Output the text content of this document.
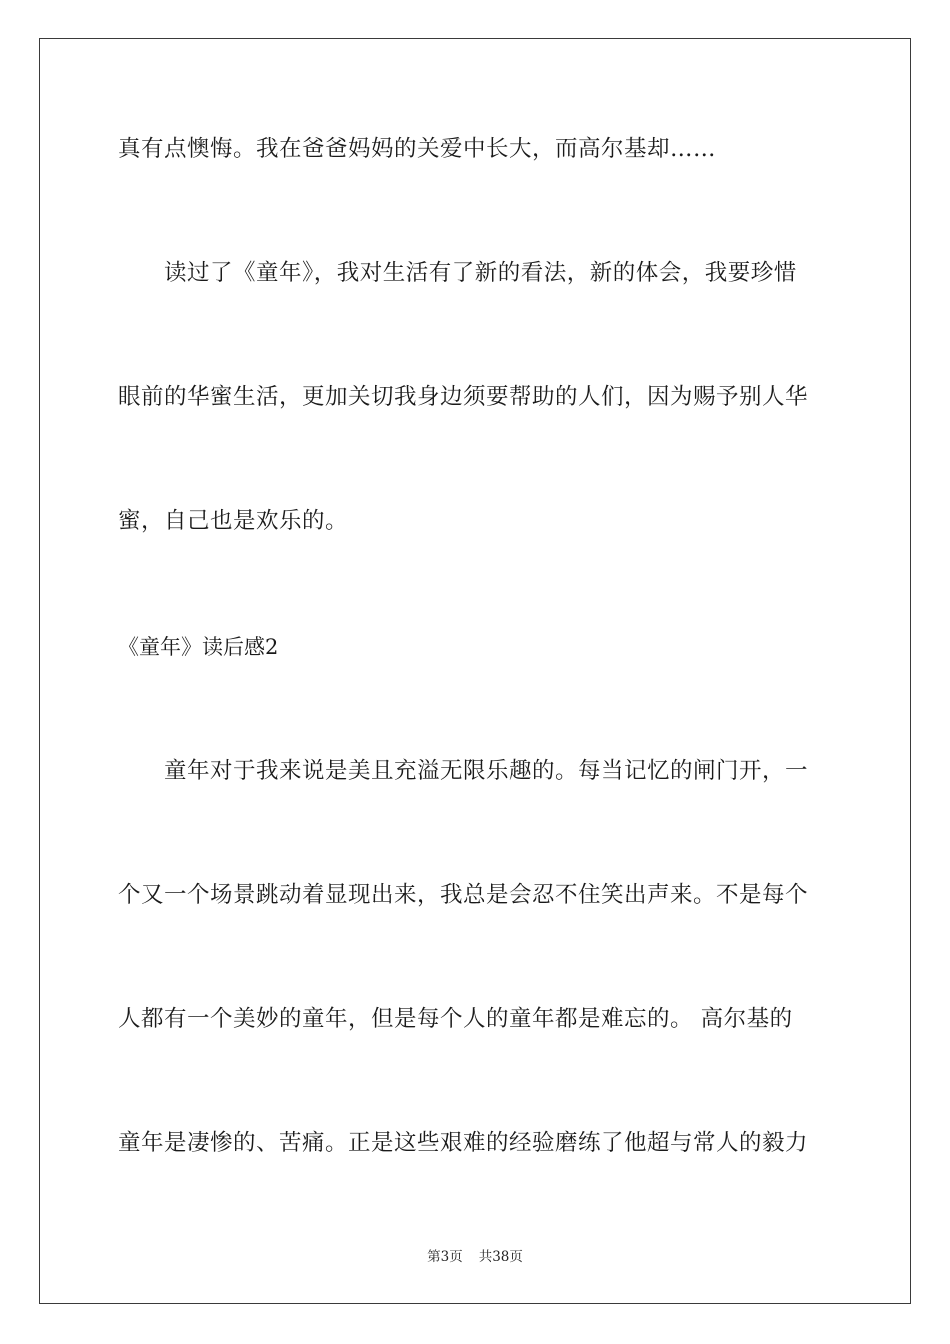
真有点懊悔。我在爸爸妈妈的关爱中长大，而高尔基却……
读过了《童年》，我对生活有了新的看法，新的体会，我要珍惜
眼前的华蜜生活，更加关切我身边须要帮助的人们，因为赐予别人华
蜜，自己也是欢乐的。
《童年》读后感2
童年对于我来说是美且充溢无限乐趣的。每当记忆的闸门开，一
个又一个场景跳动着显现出来，我总是会忍不住笑出声来。不是每个
人都有一个美妙的童年，但是每个人的童年都是难忘的。 高尔基的
童年是凄惨的、苦痛。正是这些艰难的经验磨练了他超与常人的毅力
第3页 共38页
